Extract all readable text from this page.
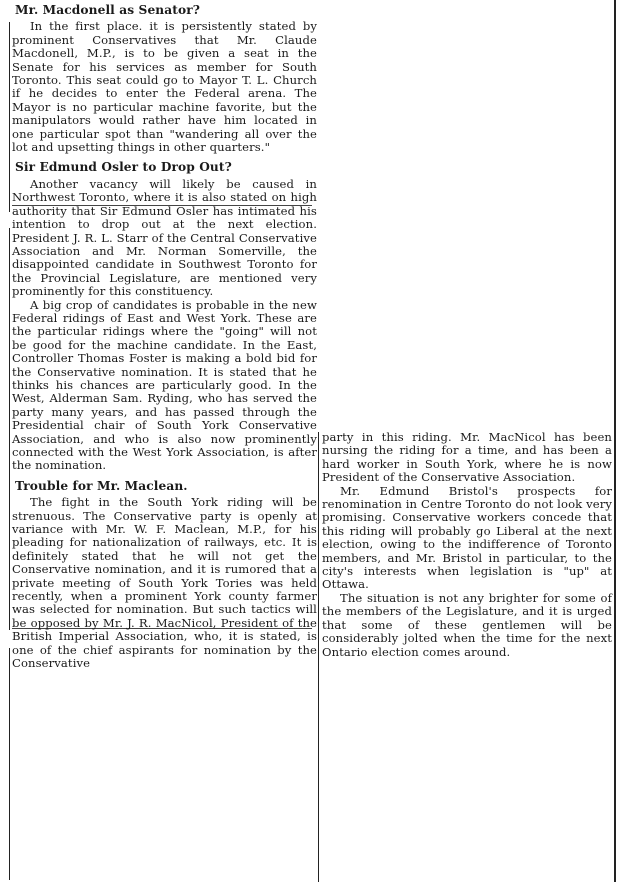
Mr. Macdonell as Senator?

In the first place. it is persistently stated by prominent Conservatives that Mr. Claude Macdonell, M.P., is to be given a seat in the Senate for his services as member for South Toronto. This seat could go to Mayor T. L. Church if he decides to enter the Federal arena. The Mayor is no particular machine favorite, but the manipulators would rather have him located in one particular spot than "wandering all over the lot and upsetting things in other quarters."

Sir Edmund Osler to Drop Out?

Another vacancy will likely be caused in Northwest Toronto, where it is also stated on high authority that Sir Edmund Osler has intimated his intention to drop out at the next election. President J. R. L. Starr of the Central Conservative Association and Mr. Norman Somerville, the disappointed candidate in Southwest Toronto for the Provincial Legislature, are mentioned very prominently for this constituency.

A big crop of candidates is probable in the new Federal ridings of East and West York. These are the particular ridings where the "going" will not be good for the machine candidate. In the East, Controller Thomas Foster is making a bold bid for the Conservative nomination. It is stated that he thinks his chances are particularly good. In the West, Alderman Sam. Ryding, who has served the party many years, and has passed through the Presidential chair of South York Conservative Association, and who is also now prominently connected with the West York Association, is after the nomination.

Trouble for Mr. Maclean.

The fight in the South York riding will be strenuous. The Conservative party is openly at variance with Mr. W. F. Maclean, M.P., for his pleading for nationalization of railways, etc. It is definitely stated that he will not get the Conservative nomination, and it is rumored that a private meeting of South York Tories was held recently, when a prominent York county farmer was selected for nomination. But such tactics will be opposed by Mr. J. R. MacNicol, President of the British Imperial Association, who, it is stated, is one of the chief aspirants for nomination by the Conservative

party in this riding. Mr. MacNicol has been nursing the riding for a time, and has been a hard worker in South York, where he is now President of the Conservative Association.

Mr. Edmund Bristol's prospects for renomination in Centre Toronto do not look very promising. Conservative workers concede that this riding will probably go Liberal at the next election, owing to the indifference of Toronto members, and Mr. Bristol in particular, to the city's interests when legislation is "up" at Ottawa.

The situation is not any brighter for some of the members of the Legislature, and it is urged that some of these gentlemen will be considerably jolted when the time for the next Ontario election comes around.
